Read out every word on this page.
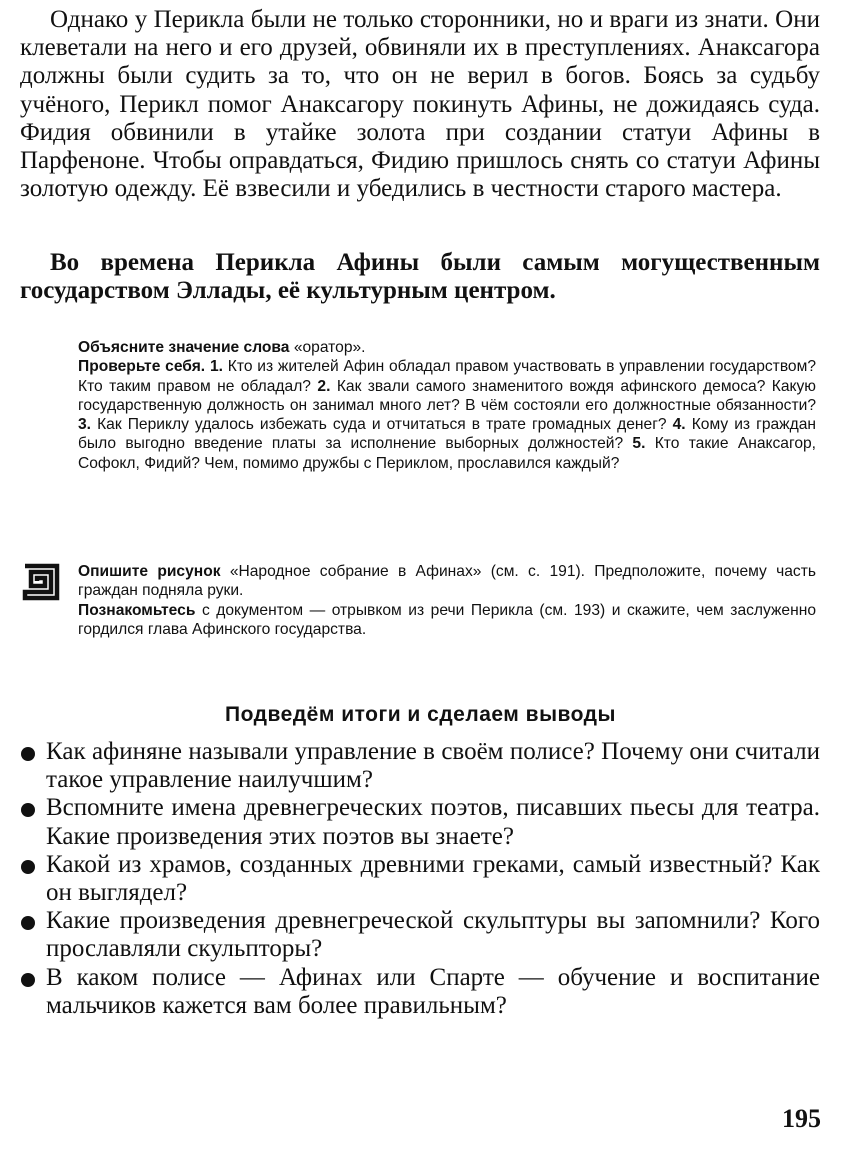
Однако у Перикла были не только сторонники, но и враги из знати. Они клеветали на него и его друзей, обвиняли их в преступлениях. Анаксагора должны были судить за то, что он не верил в богов. Боясь за судьбу учёного, Перикл помог Анаксагору покинуть Афины, не дожидаясь суда. Фидия обвинили в утайке золота при создании статуи Афины в Парфеноне. Чтобы оправдаться, Фидию пришлось снять со статуи Афины золотую одежду. Её взвесили и убедились в честности старого мастера.

Во времена Перикла Афины были самым могущественным государством Эллады, её культурным центром.

Объясните значение слова «оратор».

Проверьте себя. 1. Кто из жителей Афин обладал правом участвовать в управлении государством? Кто таким правом не обладал? 2. Как звали самого знаменитого вождя афинского демоса? Какую государственную должность он занимал много лет? В чём состояли его должностные обязанности? 3. Как Периклу удалось избежать суда и отчитаться в трате громадных денег? 4. Кому из граждан было выгодно введение платы за исполнение выборных должностей? 5. Кто такие Анаксагор, Софокл, Фидий? Чем, помимо дружбы с Периклом, прославился каждый?

Опишите рисунок «Народное собрание в Афинах» (см. с. 191). Предположите, почему часть граждан подняла руки.

Познакомьтесь с документом — отрывком из речи Перикла (см. 193) и скажите, чем заслуженно гордился глава Афинского государства.

Подведём итоги и сделаем выводы
Как афиняне называли управление в своём полисе? Почему они считали такое управление наилучшим?
Вспомните имена древнегреческих поэтов, писавших пьесы для театра. Какие произведения этих поэтов вы знаете?
Какой из храмов, созданных древними греками, самый известный? Как он выглядел?
Какие произведения древнегреческой скульптуры вы запомнили? Кого прославляли скульпторы?
В каком полисе — Афинах или Спарте — обучение и воспитание мальчиков кажется вам более правильным?
195
